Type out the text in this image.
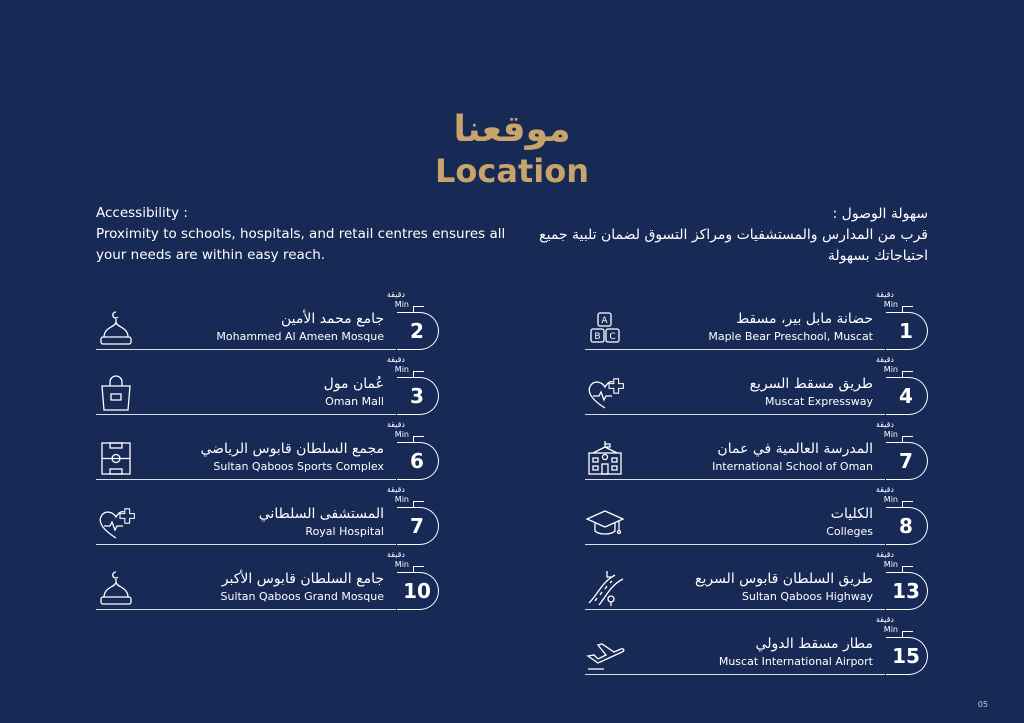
موقعنا
Location
Accessibility :
Proximity to schools, hospitals, and retail centres ensures all your needs are within easy reach.
سهولة الوصول :
قرب من المدارس والمستشفيات ومراكز التسوق لضمان تلبية جميع احتياجاتك بسهولة
دقيقة
Min
2
جامع محمد الأمين
Mohammed Al Ameen Mosque
دقيقة
Min
3
عُمان مول
Oman Mall
دقيقة
Min
6
مجمع السلطان قابوس الرياضي
Sultan Qaboos Sports Complex
دقيقة
Min
7
المستشفى السلطاني
Royal Hospital
دقيقة
Min
10
جامع السلطان قابوس الأكبر
Sultan Qaboos Grand Mosque
A
B C
دقيقة
Min
1
حضانة مابل بير، مسقط
Maple Bear Preschool, Muscat
دقيقة
Min
4
طريق مسقط السريع
Muscat Expressway
دقيقة
Min
7
المدرسة العالمية في عمان
International School of Oman
دقيقة
Min
8
الكليات
Colleges
دقيقة
Min
13
طريق السلطان قابوس السريع
Sultan Qaboos Highway
دقيقة
Min
15
مطار مسقط الدولي
Muscat International Airport
05
